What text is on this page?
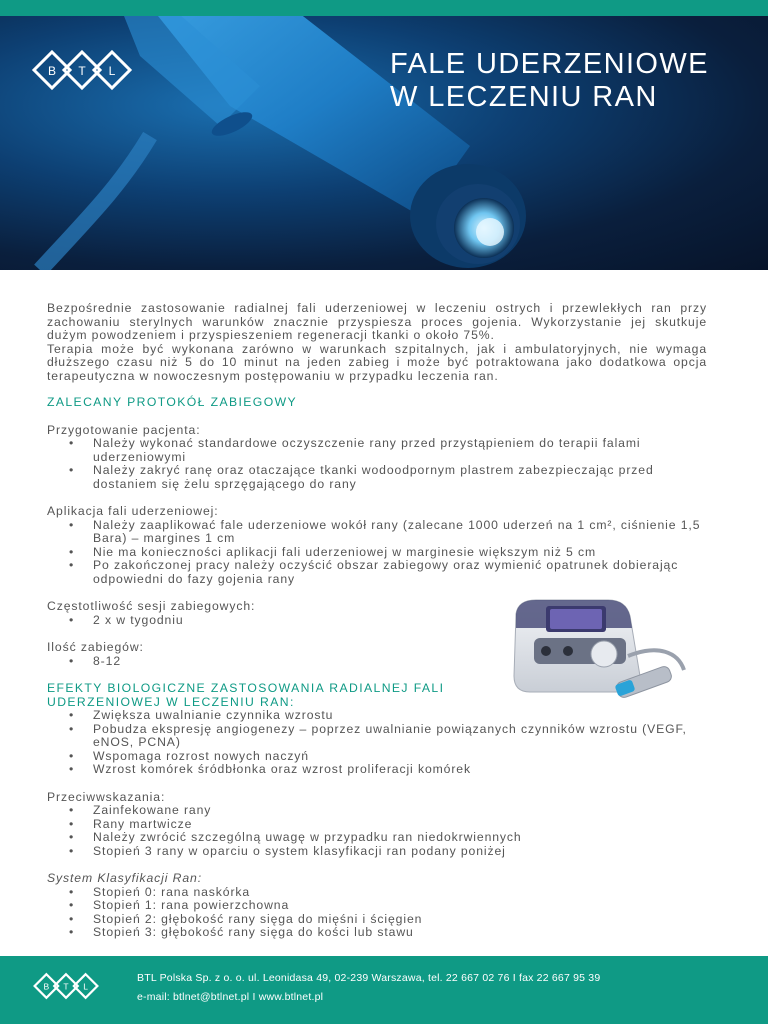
B T L	FALE UDERZENIOWE
W LECZENIU RAN

Bezpośrednie zastosowanie radialnej fali uderzeniowej w leczeniu ostrych i przewlekłych ran przy zachowaniu sterylnych warunków znacznie przyspiesza proces gojenia. Wykorzystanie jej skutkuje dużym powodzeniem i przyspieszeniem regeneracji tkanki o około 75%.

Terapia może być wykonana zarówno w warunkach szpitalnych, jak i ambulatoryjnych, nie wymaga dłuższego czasu niż 5 do 10 minut na jeden zabieg i może być potraktowana jako dodatkowa opcja terapeutyczna w nowoczesnym postępowaniu w przypadku leczenia ran.

ZALECANY PROTOKÓŁ ZABIEGOWY
Przygotowanie pacjenta:
• Należy wykonać standardowe oczyszczenie rany przed przystąpieniem do terapii falami uderzeniowymi
• Należy zakryć ranę oraz otaczające tkanki wodoodpornym plastrem zabezpieczając przed dostaniem się żelu sprzęgającego do rany
Aplikacja fali uderzeniowej:
• Należy zaaplikować fale uderzeniowe wokół rany (zalecane 1000 uderzeń na 1 cm², ciśnienie 1,5 Bara) – margines 1 cm
• Nie ma konieczności aplikacji fali uderzeniowej w marginesie większym niż 5 cm
• Po zakończonej pracy należy oczyścić obszar zabiegowy oraz wymienić opatrunek dobierając odpowiedni do fazy gojenia rany
Częstotliwość sesji zabiegowych:
• 2 x w tygodniu
Ilość zabiegów:
• 8-12
EFEKTY BIOLOGICZNE ZASTOSOWANIA RADIALNEJ FALI
UDERZENIOWEJ W LECZENIU RAN:
• Zwiększa uwalnianie czynnika wzrostu
• Pobudza ekspresję angiogenezy – poprzez uwalnianie powiązanych czynników wzrostu (VEGF, eNOS, PCNA)
• Wspomaga rozrost nowych naczyń
• Wzrost komórek śródbłonka oraz wzrost proliferacji komórek
Przeciwwskazania:
• Zainfekowane rany
• Rany martwicze
• Należy zwrócić szczególną uwagę w przypadku ran niedokrwiennych
• Stopień 3 rany w oparciu o system klasyfikacji ran podany poniżej
System Klasyfikacji Ran:
• Stopień 0: rana naskórka
• Stopień 1: rana powierzchowna
• Stopień 2: głębokość rany sięga do mięśni i ścięgien
• Stopień 3: głębokość rany sięga do kości lub stawu
B T L
BTL Polska Sp. z o. o. ul. Leonidasa 49, 02-239 Warszawa, tel. 22 667 02 76 I fax 22 667 95 39
e-mail: btlnet@btlnet.pl I www.btlnet.pl
